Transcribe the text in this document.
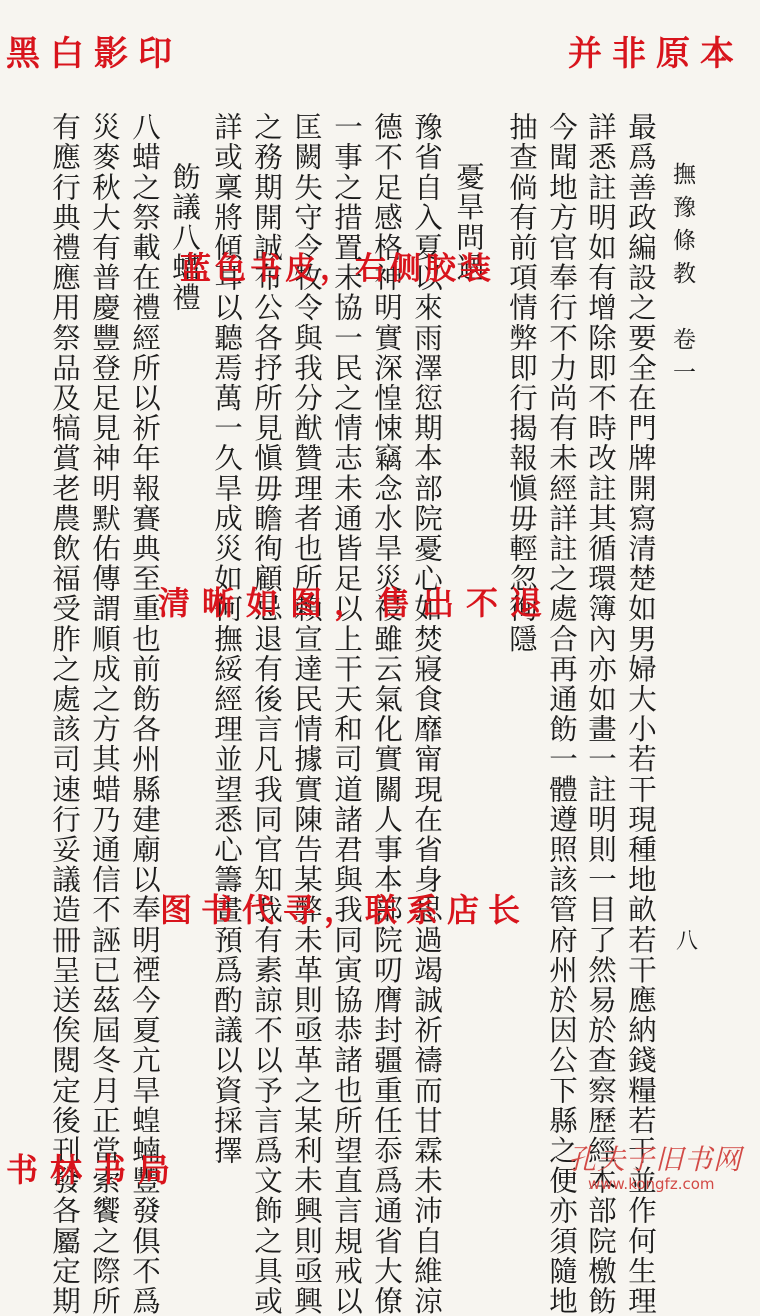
撫豫條教　卷一
八
最爲善政編設之要全在門牌開寫清楚如男婦大小若干現種地畝若干應納錢糧若干並作何生理
詳悉註明如有增除即不時改註其循環簿內亦如畫一註明則一目了然易於查察歷經本部院檄飭
今聞地方官奉行不力尚有未經詳註之處合再通飭一體遵照該管府州於因公下縣之便亦須隨地
抽查倘有前項情弊即行揭報愼毋輕忽徇隱
憂旱問過
豫省自入夏以來雨澤愆期本部院憂心如焚寢食靡甯現在省身思過竭誠祈禱而甘霖未沛自維涼
德不足感格神明實深惶悚竊念水旱災祲雖云氣化實關人事本部院叨膺封疆重任忝爲通省大僚
一事之措置未協一民之情志未通皆足以上干天和司道諸君與我同寅協恭諸也所望直言規戒以
匡闕失守令牧令與我分猷贊理者也所賴宣達民情據實陳告某弊未革則亟革之某利未興則亟興
之務期開誠布公各抒所見愼毋瞻徇顧忌退有後言凡我同官知我有素諒不以予言爲文飾之具或
詳或稟將傾耳以聽焉萬一久旱成災如何撫綏經理並望悉心籌畫預爲酌議以資採擇
飭議八蜡禮
八蜡之祭載在禮經所以祈年報賽典至重也前飭各州縣建廟以奉明禋今夏亢旱蝗蝻豐發俱不爲
災麥秋大有普慶豐登足見神明默佑傳謂順成之方其蜡乃通信不誣已茲屆冬月正當索饗之際所
有應行典禮應用祭品及犒賞老農飲福受胙之處該司速行妥議造冊呈送俟閱定後刊發各屬定期
黑白影印	并非原本
蓝色书皮，右侧胶装
清晰如图，售出不退
图书代寻，联系店长
书林书局	孔夫子旧书网
www.kongfz.com
